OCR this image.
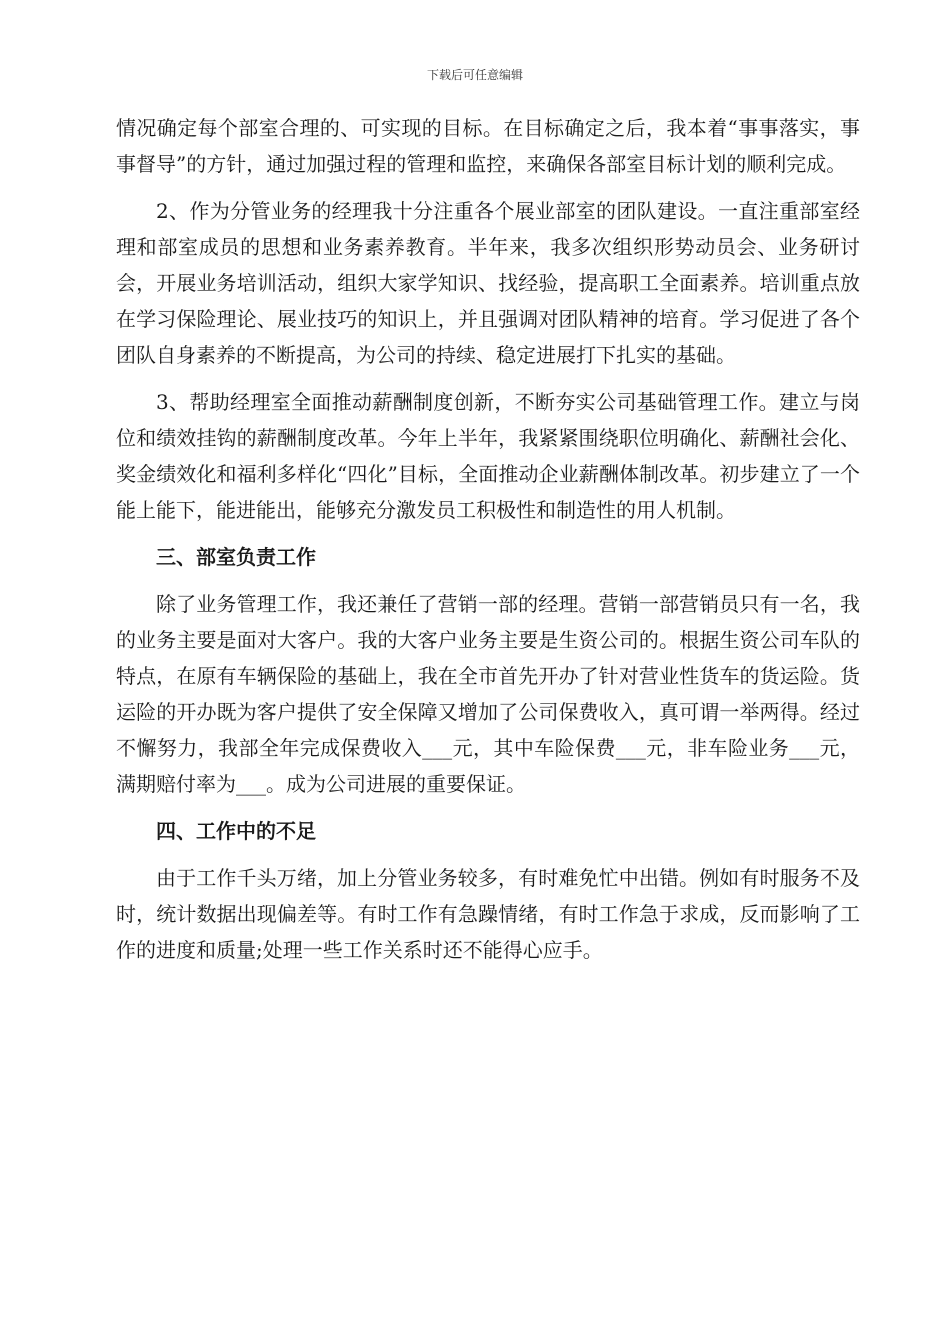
下载后可任意编辑

情况确定每个部室合理的、可实现的目标。在目标确定之后，我本着“事事落实，事事督导”的方针，通过加强过程的管理和监控，来确保各部室目标计划的顺利完成。

2、作为分管业务的经理我十分注重各个展业部室的团队建设。一直注重部室经理和部室成员的思想和业务素养教育。半年来，我多次组织形势动员会、业务研讨会，开展业务培训活动，组织大家学知识、找经验，提高职工全面素养。培训重点放在学习保险理论、展业技巧的知识上，并且强调对团队精神的培育。学习促进了各个团队自身素养的不断提高，为公司的持续、稳定进展打下扎实的基础。

3、帮助经理室全面推动薪酬制度创新，不断夯实公司基础管理工作。建立与岗位和绩效挂钩的薪酬制度改革。今年上半年，我紧紧围绕职位明确化、薪酬社会化、奖金绩效化和福利多样化“四化”目标，全面推动企业薪酬体制改革。初步建立了一个能上能下，能进能出，能够充分激发员工积极性和制造性的用人机制。

三、部室负责工作

除了业务管理工作，我还兼任了营销一部的经理。营销一部营销员只有一名，我的业务主要是面对大客户。我的大客户业务主要是生资公司的。根据生资公司车队的特点，在原有车辆保险的基础上，我在全市首先开办了针对营业性货车的货运险。货运险的开办既为客户提供了安全保障又增加了公司保费收入，真可谓一举两得。经过不懈努力，我部全年完成保费收入___元，其中车险保费___元，非车险业务___元，满期赔付率为___。成为公司进展的重要保证。

四、工作中的不足

由于工作千头万绪，加上分管业务较多，有时难免忙中出错。例如有时服务不及时，统计数据出现偏差等。有时工作有急躁情绪，有时工作急于求成，反而影响了工作的进度和质量;处理一些工作关系时还不能得心应手。
